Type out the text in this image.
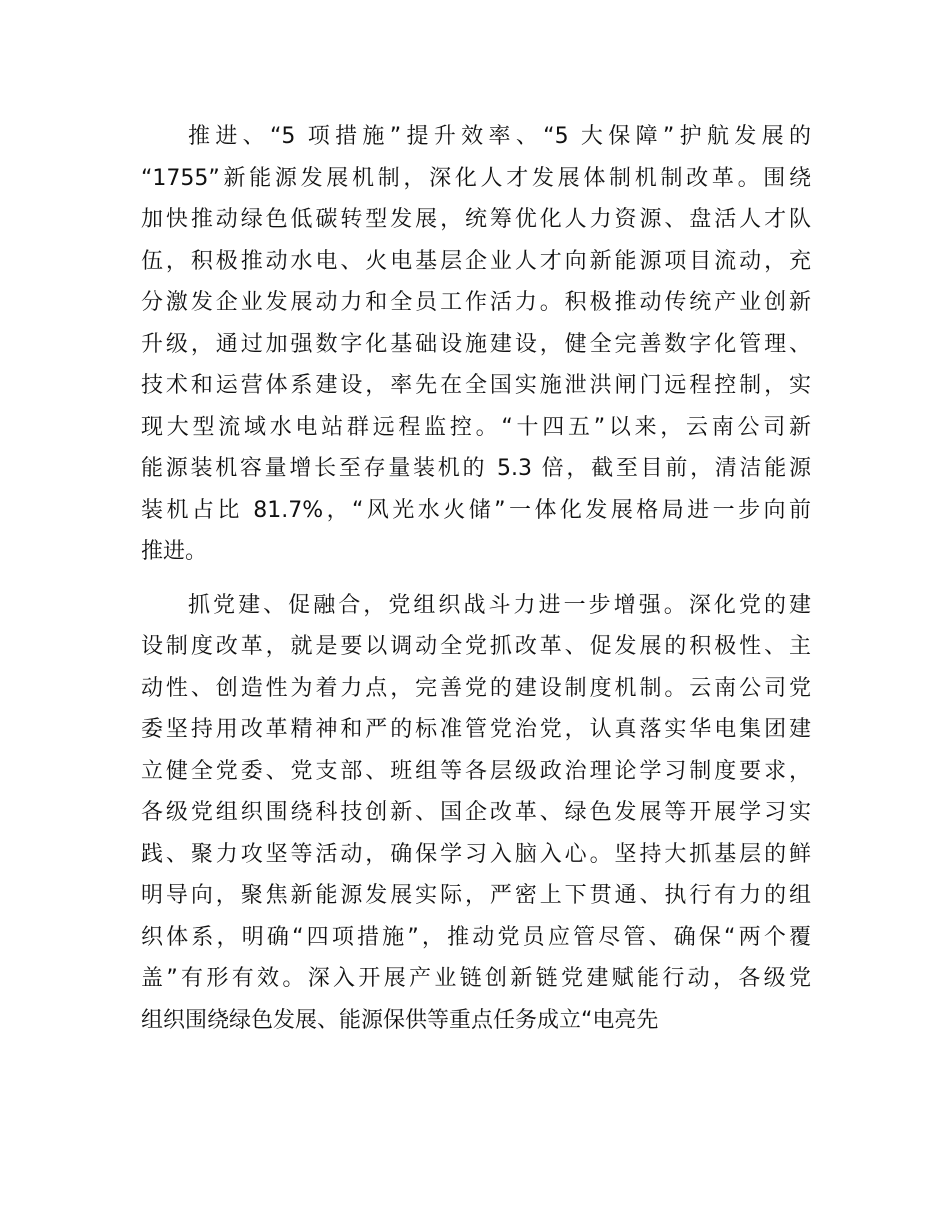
推进、“5 项措施”提升效率、“5 大保障”护航发展的
“1755”新能源发展机制，深化人才发展体制机制改革。围绕
加快推动绿色低碳转型发展，统筹优化人力资源、盘活人才队
伍，积极推动水电、火电基层企业人才向新能源项目流动，充
分激发企业发展动力和全员工作活力。积极推动传统产业创新
升级，通过加强数字化基础设施建设，健全完善数字化管理、
技术和运营体系建设，率先在全国实施泄洪闸门远程控制，实
现大型流域水电站群远程监控。“十四五”以来，云南公司新
能源装机容量增长至存量装机的 5.3 倍，截至目前，清洁能源
装机占比 81.7%，“风光水火储”一体化发展格局进一步向前
推进。
抓党建、促融合，党组织战斗力进一步增强。深化党的建
设制度改革，就是要以调动全党抓改革、促发展的积极性、主
动性、创造性为着力点，完善党的建设制度机制。云南公司党
委坚持用改革精神和严的标准管党治党，认真落实华电集团建
立健全党委、党支部、班组等各层级政治理论学习制度要求，
各级党组织围绕科技创新、国企改革、绿色发展等开展学习实
践、聚力攻坚等活动，确保学习入脑入心。坚持大抓基层的鲜
明导向，聚焦新能源发展实际，严密上下贯通、执行有力的组
织体系，明确“四项措施”，推动党员应管尽管、确保“两个覆
盖”有形有效。深入开展产业链创新链党建赋能行动，各级党
组织围绕绿色发展、能源保供等重点任务成立“电亮先
